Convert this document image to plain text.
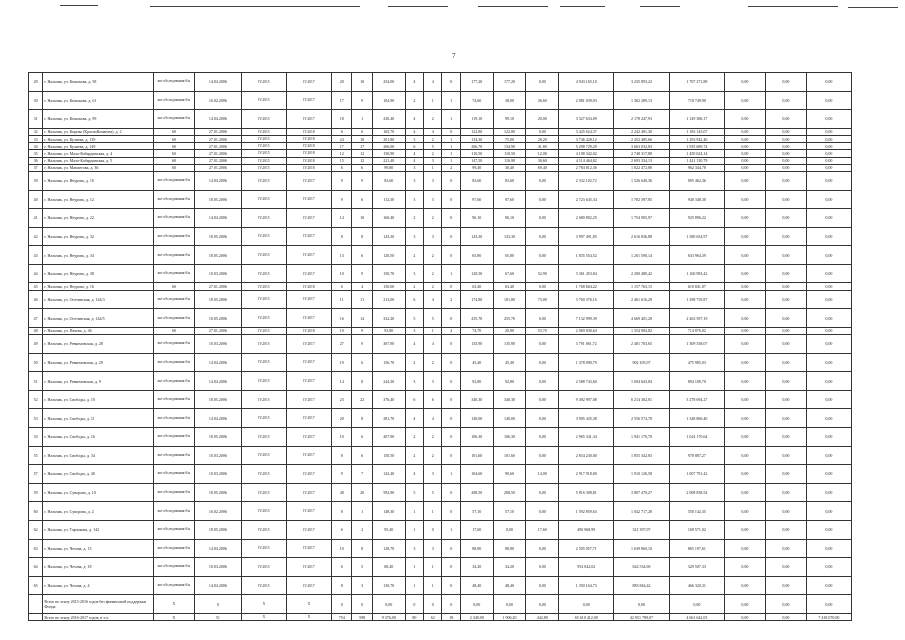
7
29	г. Нальчик, ул. Кешокова, д. 58	акт обследования б/н	14.04.2006	IV.2015	IV.2017	20	10	254,00	4	4	0	177,20	177,20	0,00	4 943 165,10	3 235 893,22	1 707 271,88	0,00	0,00	0,00
30	г. Нальчик, ул. Кешокова, д. 61	акт обследования б/н	16.02.2006	IV.2015	IV.2017	17	9	104,90	2	1	1	74,60	38,00	36,60	2 081 039,03	1 362 289,13	718 749,90	0,00	0,00	0,00
31	г. Нальчик, ул. Кешокова, д. 99	акт обследования б/н	14.04.2006	IV.2015	IV.2017	18	1	230,40	4	2	1	119,10	99,10	20,00	3 327 634,09	2 178 247,93	1 149 386,17	0,00	0,00	0,00
32	г. Нальчик, ул. Кирова (КрасноКоммуна), д. 2	60	27.01.2006	IV.2015	IV.2018	6	6	165,70	4	4	0	122,80	122,80	0,00	3 425 624,37	2 242 481,30	1 183 143,07	0,00	0,00	0,00
33	г. Нальчик, ул. Кулиева, д. 139	60	27.01.2006	IV.2015	IV.2018	24	18	201,80	3	2	1	134,30	75,00	28,20	3 746 428,12	2 452 485,66	1 293 942,46	0,00	0,00	0,00
34	г. Нальчик, ул. Кулиева, д. 149	60	27.01.2006	IV.2015	IV.2018	17	17	266,00	6	5	1	206,70	134,90	41,80	5 298 729,29	3 663 032,83	1 935 689,74	0,00	0,00	0,00
35	г. Нальчик, ул. Мало-Кабардинская, д. 4	60	27.01.2006	IV.2015	IV.2018	12	12	150,90	4	2	1	110,50	110,50	12,00	4 198 342,02	2 748 317,88	1 450 024,14	0,00	0,00	0,00
36	г. Нальчик, ул. Мало-Кабардинская, д. 5	60	27.01.2006	IV.2015	IV.2018	15	12	221,40	4	3	1	147,50	116,90	30,60	4 114 464,82	2 693 334,13	1 421 130,79	0,00	0,00	0,00
37	г. Нальчик, ул. Мамхегова, д. 36	60	27.01.2006	IV.2015	IV.2018	6	6	99,80	3	1	2	99,40	30,40	69,40	2 784 812,36	1 822 472,88	962 344,78	0,00	0,00	0,00
39	г. Нальчик, ул. Неурова, д. 10	акт обследования б/н	14.04.2006	IV.2015	IV.2017	9	9	83,60	3	3	0	83,60	83,60	0,00	2 332 102,72	1 526 640,36	805 462,36	0,00	0,00	0,00
40	г. Нальчик, ул. Неурова, д. 12	акт обследования б/н	18.05.2006	IV.2015	IV.2017	9	6	112,30	3	3	0	97,60	97,60	0,00	2 723 645,34	1 782 397,85	940 348,38	0,00	0,00	0,00
41	г. Нальчик, ул. Неурова, д. 22	акт обследования б/н	14.04.2006	IV.2015	IV.2017	14	10	160,40	2	2	0	96,10	96,10	0,00	2 680 802,25	1 754 905,97	925 896,22	0,00	0,00	0,00
42	г. Нальчик, ул. Неурова, д. 32	акт обследования б/н	18.05.2006	IV.2015	IV.2017	8	8	143,30	3	3	0	143,30	143,30	0,00	3 997 491,85	2 616 836,88	1 380 654,97	0,00	0,00	0,00
43	г. Нальчик, ул. Неурова, д. 34	акт обследования б/н	18.05.2006	IV.2015	IV.2017	13	6	120,50	2	2	0	65,80	65,80	0,00	1 835 554,52	1 201 590,14	633 964,39	0,00	0,00	0,00
44	г. Нальчик, ул. Неурова, д. 38	акт обследования б/н	10.03.2006	IV.2015	IV.2017	10	9	150,70	3	2	1	120,50	67,60	52,90	3 361 453,84	2 200 480,42	1 160 983,42	0,00	0,00	0,00
45	г. Нальчик, ул. Неурова, д. 16	60	27.01.2006	IV.2015	IV.2018	6	4	150,00	2	2	0	63,40	63,40	0,00	1 768 604,22	1 157 763,15	610 841,07	0,00	0,00	0,00
46	г. Нальчик, ул. Осетинская, д. 144/3	акт обследования б/н	18.05.2006	IV.2015	IV.2017	11	11	213,00	6	4	2	174,80	101,80	73,00	3 760 376,16	2 461 616,29	1 298 759,87	0,00	0,00	0,00
47	г. Нальчик, ул. Осетинская, д. 144/5	акт обследования б/н	10.05.2006	IV.2015	IV.2017	16	14	332,20	5	5	0	255,70	255,70	0,00	7 132 999,39	4 669 401,20	2 463 597,19	0,00	0,00	0,00
48	г. Нальчик, ул. Пачева, д. 46	60	27.01.2006	IV.2015	IV.2018	10	9	93,80	3	1	2	74,70	20,90	53,70	2 069 830,64	1 354 984,82	714 876,02	0,00	0,00	0,00
49	г. Нальчик, ул. Ревкомовская, д. 28	акт обследования б/н	10.03.2006	IV.2015	IV.2017	27	9	367,90	4	4	0	135,90	135,90	0,00	3 791 061,72	2 481 703,65	1 309 358,07	0,00	0,00	0,00
50	г. Нальчик, ул. Ревкомовская, д. 29	акт обследования б/н	14.04.2006	IV.2015	IV.2017	19	6	156,70	2	2	0	45,40	45,40	0,00	1 378 090,79	902 105,97	475 985,03	0,00	0,00	0,00
51	г. Нальчик, ул. Ревкомовская, д. 9	акт обследования б/н	14.04.2006	IV.2015	IV.2017	14	8	244,30	3	3	0	92,80	92,80	0,00	2 588 743,60	1 694 643,84	894 100,70	0,00	0,00	0,00
52	г. Нальчик, ул. Свободы, д. 10	акт обследования б/н	18.05.2006	IV.2015	IV.2017	23	22	376,40	6	6	0	340,30	340,30	0,00	9 492 997,08	6 214 302,81	3 278 694,27	0,00	0,00	0,00
53	г. Нальчик, ул. Свободы, д. 11	акт обследования б/н	14.04.2006	IV.2015	IV.2017	20	8	281,70	4	4	0	140,00	140,00	0,00	3 905 435,38	2 556 574,78	1 348 860,40	0,00	0,00	0,00
54	г. Нальчик, ул. Свободы, д. 16	акт обследования б/н	18.05.2006	IV.2015	IV.2017	10	6	207,90	2	2	0	106,30	106,30	0,00	2 965 341,34	1 941 170,70	1 024 170,64	0,00	0,00	0,00
55	г. Нальчик, ул. Свободы, д. 34	акт обследования б/н	10.03.2006	IV.2015	IV.2017	8	6	150,50	2	2	0	101,60	101,60	0,00	2 834 230,00	1 855 342,83	978 887,27	0,00	0,00	0,00
57	г. Нальчик, ул. Свободы, д. 40	акт обследования б/н	10.03.2006	IV.2015	IV.2017	9	7	142,40	4	3	1	104,60	90,60	14,00	2 917 918,00	1 910 126,58	1 007 791,42	0,00	0,00	0,00
59	г. Нальчик, ул. Суворова, д. 10	акт обследования б/н	18.05.2006	IV.2015	IV.2017	40	20	592,90	5	5	0	208,50	208,50	0,00	5 816 308,81	3 807 470,27	2 008 838,54	0,00	0,00	0,00
60	г. Нальчик, ул. Суворова, д. 2	акт обследования б/н	16.02.2006	IV.2015	IV.2017	8	1	148,30	1	1	0	57,10	57,10	0,00	1 592 859,63	1 042 717,28	550 142,35	0,00	0,00	0,00
62	г. Нальчик, ул. Тарчокова, д. 142	акт обследования б/н	18.05.2006	IV.2015	IV.2017	6	2	95,40	1	0	1	17,60	0,00	17,60	490 968,99	321 397,97	169 571,02	0,00	0,00	0,00
63	г. Нальчик, ул. Чехова, д. 13	акт обследования б/н	14.04.2006	IV.2015	IV.2017	10	8	128,70	3	3	0	88,80	88,80	0,00	2 505 057,71	1 639 860,10	865 197,61	0,00	0,00	0,00
64	г. Нальчик, ул. Чехова, д. 18	акт обследования б/н	10.03.2006	IV.2015	IV.2017	6	5	68,40	1	1	0	34,20	34,20	0,00	954 042,02	624 534,69	329 507,33	0,00	0,00	0,00
65	г. Нальчик, ул. Чехова, д. 4	акт обследования б/н	14.04.2006	IV.2015	IV.2017	8	3	130,70	1	1	0	48,40	48,40	0,00	1 350 164,73	883 844,42	466 320,31	0,00	0,00	0,00
	Всего по этапу 2015-2016 годов без финансовой поддержки Фонда	X	0	X	X	0	0	0,00	0	0	0	0,00	0,00	0,00	0,00	0,00	0,00	0,00	0,00	0,00
	Всего по этапу 2016-2017 годов, в т.ч.	X	51	X	X	754	598	9 376,00	80	62	18	2 349,00	1 906,20	442,80	65 610 412,00	42 951 789,07	4 661 642,03	0,00	0,00	7 418 070,00
